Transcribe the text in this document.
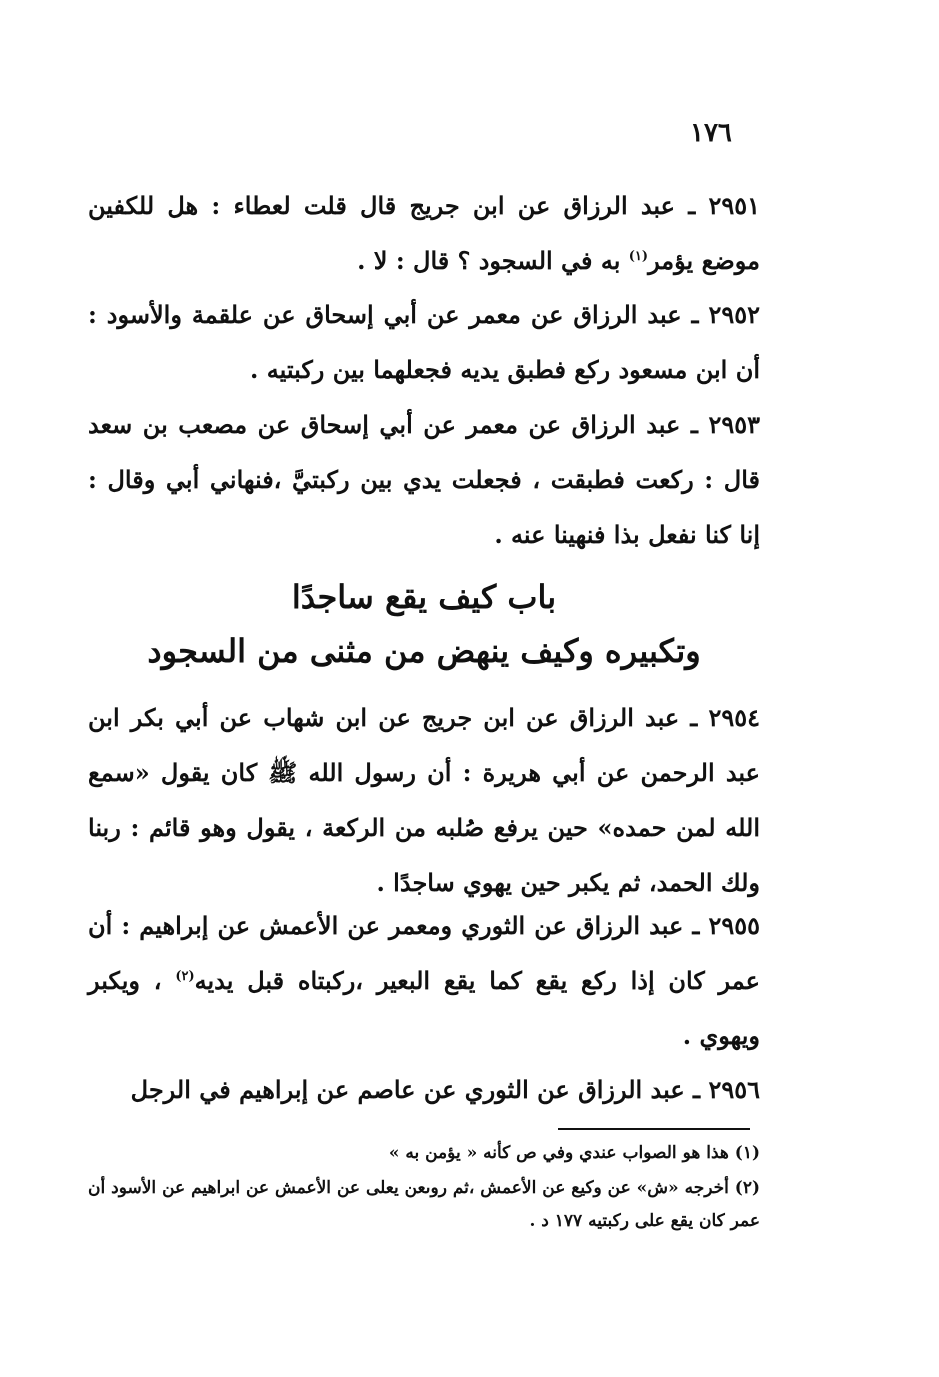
١٧٦

٢٩٥١ ـ عبد الرزاق عن ابن جريج قال قلت لعطاء : هل للكفين موضع يؤمر$^{(١)}$ به في السجود ؟ قال : لا .

٢٩٥٢ ـ عبد الرزاق عن معمر عن أبي إسحاق عن علقمة والأسود : أن ابن مسعود ركع فطبق يديه فجعلهما بين ركبتيه .

٢٩٥٣ ـ عبد الرزاق عن معمر عن أبي إسحاق عن مصعب بن سعد قال : ركعت فطبقت ، فجعلت يدي بين ركبتيَّ ،فنهاني أبي وقال : إنا كنا نفعل بذا فنهينا عنه .

باب كيف يقع ساجدًا
وتكبيره وكيف ينهض من مثنى من السجود

٢٩٥٤ ـ عبد الرزاق عن ابن جريج عن ابن شهاب عن أبي بكر ابن عبد الرحمن عن أبي هريرة : أن رسول الله ﷺ كان يقول «سمع الله لمن حمده» حين يرفع صُلبه من الركعة ، يقول وهو قائم : ربنا ولك الحمد، ثم يكبر حين يهوي ساجدًا .

٢٩٥٥ ـ عبد الرزاق عن الثوري ومعمر عن الأعمش عن إبراهيم : أن عمر كان إذا ركع يقع كما يقع البعير ،ركبتاه قبل يديه$^{(٢)}$ ، ويكبر ويهوي .

٢٩٥٦ ـ عبد الرزاق عن الثوري عن عاصم عن إبراهيم في الرجل

(١) هذا هو الصواب عندي وفي ص كأنه « يؤمن به »

(٢) أخرجه «ش» عن وكيع عن الأعمش ،ثم روىعن يعلى عن الأعمش عن ابراهيم عن الأسود أن عمر كان يقع على ركبتيه ١٧٧ د .
